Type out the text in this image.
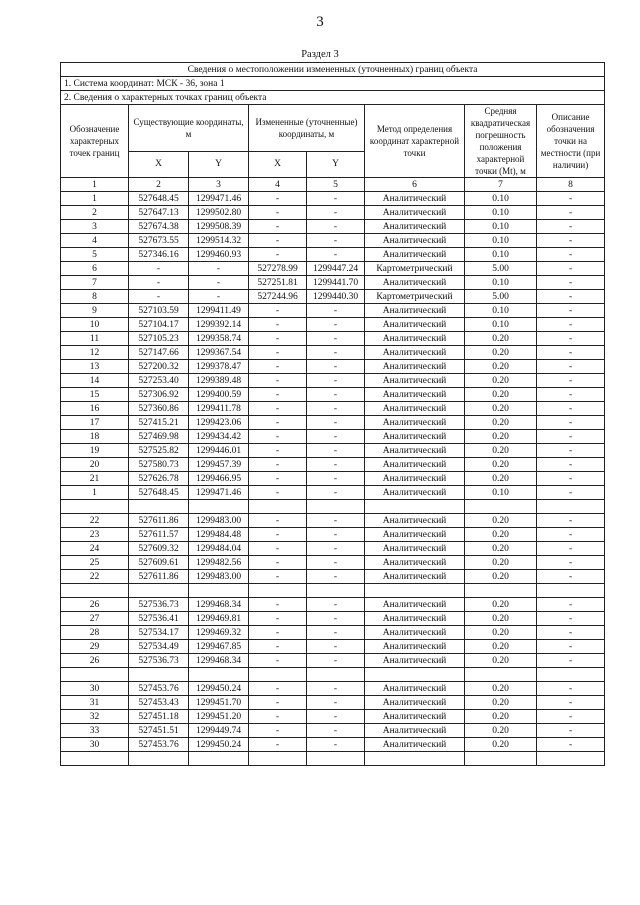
3
Раздел 3
Сведения о местоположении измененных (уточненных) границ объекта							
1. Система координат: МСК - 36, зона 1							
2. Сведения о характерных точках границ объекта							
Обозначение характерных точек границ	Существующие координаты, м		Измененные (уточненные) координаты, м		Метод определения координат характерной точки	Средняя квадратическая погрешность положения характерной точки (Mt), м	Описание обозначения точки на местности (при наличии)
	X	Y	X	Y			
1	2	3	4	5	6	7	8
1	527648.45	1299471.46	-	-	Аналитический	0.10	-
2	527647.13	1299502.80	-	-	Аналитический	0.10	-
3	527674.38	1299508.39	-	-	Аналитический	0.10	-
4	527673.55	1299514.32	-	-	Аналитический	0.10	-
5	527346.16	1299460.93	-	-	Аналитический	0.10	-
6	-	-	527278.99	1299447.24	Картометрический	5.00	-
7	-	-	527251.81	1299441.70	Аналитический	0.10	-
8	-	-	527244.96	1299440.30	Картометрический	5.00	-
9	527103.59	1299411.49	-	-	Аналитический	0.10	-
10	527104.17	1299392.14	-	-	Аналитический	0.10	-
11	527105.23	1299358.74	-	-	Аналитический	0.20	-
12	527147.66	1299367.54	-	-	Аналитический	0.20	-
13	527200.32	1299378.47	-	-	Аналитический	0.20	-
14	527253.40	1299389.48	-	-	Аналитический	0.20	-
15	527306.92	1299400.59	-	-	Аналитический	0.20	-
16	527360.86	1299411.78	-	-	Аналитический	0.20	-
17	527415.21	1299423.06	-	-	Аналитический	0.20	-
18	527469.98	1299434.42	-	-	Аналитический	0.20	-
19	527525.82	1299446.01	-	-	Аналитический	0.20	-
20	527580.73	1299457.39	-	-	Аналитический	0.20	-
21	527626.78	1299466.95	-	-	Аналитический	0.20	-
1	527648.45	1299471.46	-	-	Аналитический	0.10	-

22	527611.86	1299483.00	-	-	Аналитический	0.20	-
23	527611.57	1299484.48	-	-	Аналитический	0.20	-
24	527609.32	1299484.04	-	-	Аналитический	0.20	-
25	527609.61	1299482.56	-	-	Аналитический	0.20	-
22	527611.86	1299483.00	-	-	Аналитический	0.20	-

26	527536.73	1299468.34	-	-	Аналитический	0.20	-
27	527536.41	1299469.81	-	-	Аналитический	0.20	-
28	527534.17	1299469.32	-	-	Аналитический	0.20	-
29	527534.49	1299467.85	-	-	Аналитический	0.20	-
26	527536.73	1299468.34	-	-	Аналитический	0.20	-

30	527453.76	1299450.24	-	-	Аналитический	0.20	-
31	527453.43	1299451.70	-	-	Аналитический	0.20	-
32	527451.18	1299451.20	-	-	Аналитический	0.20	-
33	527451.51	1299449.74	-	-	Аналитический	0.20	-
30	527453.76	1299450.24	-	-	Аналитический	0.20	-
